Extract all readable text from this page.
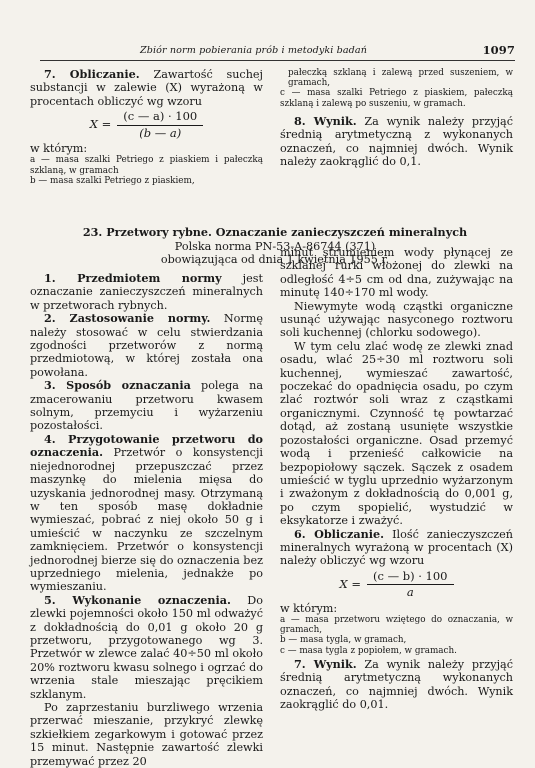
Zbiór norm pobierania prób i metodyki badań	1097

7. Obliczanie. Zawartość suchej substancji w zalewie (X) wyrażoną w procentach obliczyć wg wzoru

$X = \frac{(c — a) \cdot 100}{(b — a)}$

w którym:

a — masa szalki Petriego z piaskiem i pałeczką szklaną, w gramach

b — masa szalki Petriego z piaskiem,

pałeczką szklaną i zalewą przed suszeniem, w gramach,

c — masa szalki Petriego z piaskiem, pałeczką szklaną i zalewą po suszeniu, w gramach.

8. Wynik. Za wynik należy przyjąć średnią arytmetyczną z wykonanych oznaczeń, co najmniej dwóch. Wynik należy zaokrąglić do 0,1.

23. Przetwory rybne. Oznaczanie zanieczyszczeń mineralnych
Polska norma PN-53-A-86744 (371)
obowiązująca od dnia 1 kwietnia 1955 r.

1. Przedmiotem normy jest oznaczanie zanieczyszczeń mineralnych w przetworach rybnych.

2. Zastosowanie normy. Normę należy stosować w celu stwierdzania zgodności przetworów z normą przedmiotową, w której została ona powołana.

3. Sposób oznaczania polega na zmacerowaniu przetworu kwasem solnym, przemyciu i wyżarzeniu pozostałości.

4. Przygotowanie przetworu do oznaczenia. Przetwór o konsystencji niejednorodnej przepuszczać przez maszynkę do mielenia mięsa do uzyskania jednorodnej masy. Otrzymaną w ten sposób masę dokładnie wymieszać, pobrać z niej około 50 g i umieścić w naczynku ze szczelnym zamknięciem. Przetwór o konsystencji jednorodnej bierze się do oznaczenia bez uprzedniego mielenia, jednakże po wymieszaniu.

5. Wykonanie oznaczenia. Do zlewki pojemności około 150 ml odważyć z dokładnością do 0,01 g około 20 g przetworu, przygotowanego wg 3. Przetwór w zlewce zalać 40÷50 ml około 20% roztworu kwasu solnego i ogrzać do wrzenia stale mieszając pręcikiem szklanym.

Po zaprzestaniu burzliwego wrzenia przerwać mieszanie, przykryć zlewkę szkiełkiem zegarkowym i gotować przez 15 minut. Następnie zawartość zlewki przemywać przez 20

minut strumieniem wody płynącej ze szklanej rurki włożonej do zlewki na odległość 4÷5 cm od dna, zużywając na minutę 140÷170 ml wody.

Niewymyte wodą cząstki organiczne usunąć używając nasyconego roztworu soli kuchennej (chlorku sodowego).

W tym celu zlać wodę ze zlewki znad osadu, wlać 25÷30 ml roztworu soli kuchennej, wymieszać zawartość, poczekać do opadnięcia osadu, po czym zlać roztwór soli wraz z cząstkami organicznymi. Czynność tę powtarzać dotąd, aż zostaną usunięte wszystkie pozostałości organiczne. Osad przemyć wodą i przenieść całkowicie na bezpopiołowy sączek. Sączek z osadem umieścić w tyglu uprzednio wyżarzonym i zważonym z dokładnością do 0,001 g, po czym spopielić, wystudzić w eksykatorze i zważyć.

6. Obliczanie. Ilość zanieczyszczeń mineralnych wyrażoną w procentach (X) należy obliczyć wg wzoru

$X = \frac{(c — b) \cdot 100}{a}$

w którym:

a — masa przetworu wziętego do oznaczania, w gramach,

b — masa tygla, w gramach,

c — masa tygla z popiołem, w gramach.

7. Wynik. Za wynik należy przyjąć średnią arytmetyczną wykonanych oznaczeń, co najmniej dwóch. Wynik zaokrąglić do 0,01.
